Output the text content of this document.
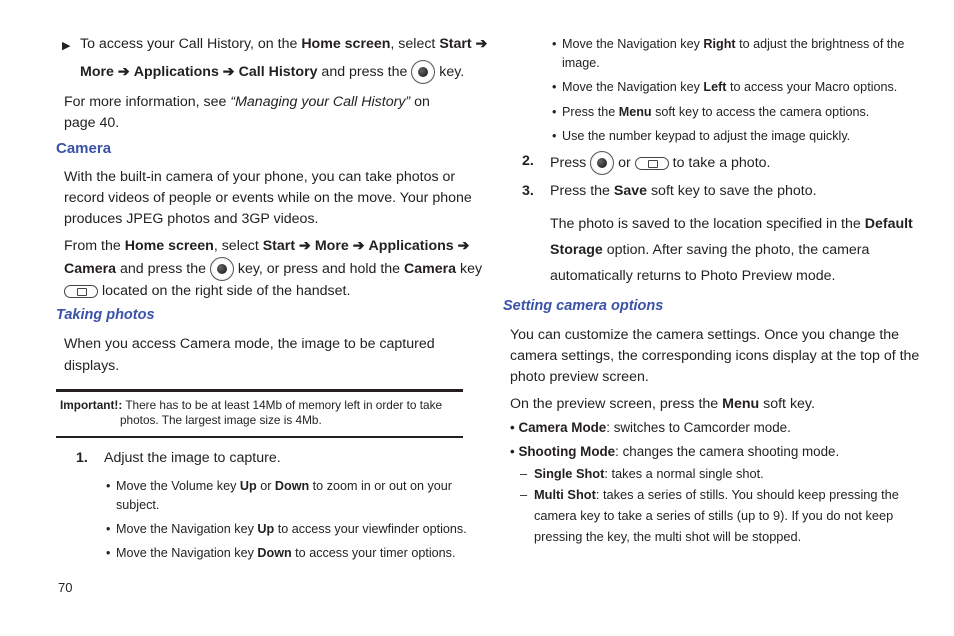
▶ To access your Call History, on the Home screen, select Start ➔
More ➔ Applications ➔ Call History and press the  key.
For more information, see “Managing your Call History” on
page 40.
Camera
With the built-in camera of your phone, you can take photos or
record videos of people or events while on the move. Your phone
produces JPEG photos and 3GP videos.
From the Home screen, select Start ➔ More ➔ Applications ➔
Camera and press the  key, or press and hold the Camera key
located on the right side of the handset.
Taking photos
When you access Camera mode, the image to be captured
displays.
Important!: There has to be at least 14Mb of memory left in order to take
photos. The largest image size is 4Mb.
1. Adjust the image to capture.
• Move the Volume key Up or Down to zoom in or out on your
subject.
• Move the Navigation key Up to access your viewfinder options.
• Move the Navigation key Down to access your timer options.
70
• Move the Navigation key Right to adjust the brightness of the
image.
• Move the Navigation key Left to access your Macro options.
• Press the Menu soft key to access the camera options.
• Use the number keypad to adjust the image quickly.
2. Press  or  to take a photo.
3. Press the Save soft key to save the photo.
The photo is saved to the location specified in the Default
Storage option. After saving the photo, the camera
automatically returns to Photo Preview mode.
Setting camera options
You can customize the camera settings. Once you change the
camera settings, the corresponding icons display at the top of the
photo preview screen.
On the preview screen, press the Menu soft key.
• Camera Mode: switches to Camcorder mode.
• Shooting Mode: changes the camera shooting mode.
– Single Shot: takes a normal single shot.
– Multi Shot: takes a series of stills. You should keep pressing the
camera key to take a series of stills (up to 9). If you do not keep
pressing the key, the multi shot will be stopped.
